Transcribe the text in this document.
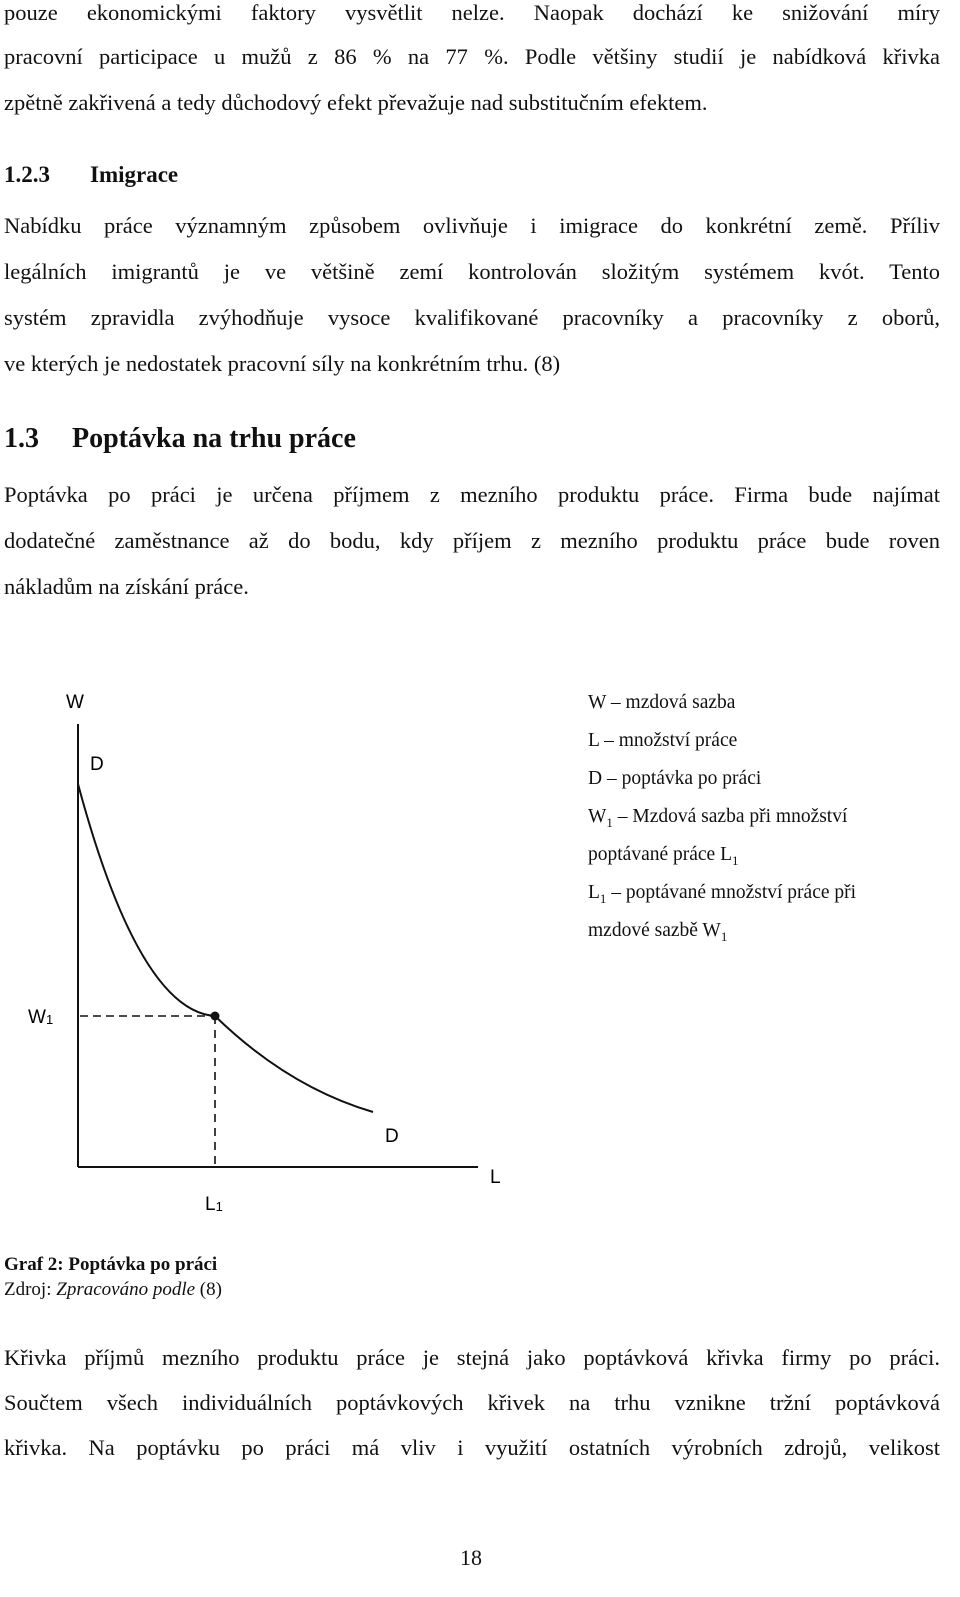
pouze ekonomickými faktory vysvětlit nelze. Naopak dochází ke snižování míry
pracovní participace u mužů z 86 % na 77 %. Podle většiny studií je nabídková křivka
zpětně zakřivená a tedy důchodový efekt převažuje nad substitučním efektem.
1.2.3 Imigrace
Nabídku práce významným způsobem ovlivňuje i imigrace do konkrétní země. Příliv
legálních imigrantů je ve většině zemí kontrolován složitým systémem kvót. Tento
systém zpravidla zvýhodňuje vysoce kvalifikované pracovníky a pracovníky z oborů,
ve kterých je nedostatek pracovní síly na konkrétním trhu. (8)
1.3 Poptávka na trhu práce
Poptávka po práci je určena příjmem z mezního produktu práce. Firma bude najímat
dodatečné zaměstnance až do bodu, kdy příjem z mezního produktu práce bude roven
nákladům na získání práce.
W
L
D
D
W1
L1
W – mzdová sazba
L – množství práce
D – poptávka po práci
$W_1$ – Mzdová sazba při množství
poptávané práce $L_1$
$L_1$ – poptávané množství práce při
mzdové sazbě $W_1$
Graf 2: Poptávka po práci
Zdroj: Zpracováno podle (8)
Křivka příjmů mezního produktu práce je stejná jako poptávková křivka firmy po práci.
Součtem všech individuálních poptávkových křivek na trhu vznikne tržní poptávková
křivka. Na poptávku po práci má vliv i využití ostatních výrobních zdrojů, velikost
18
